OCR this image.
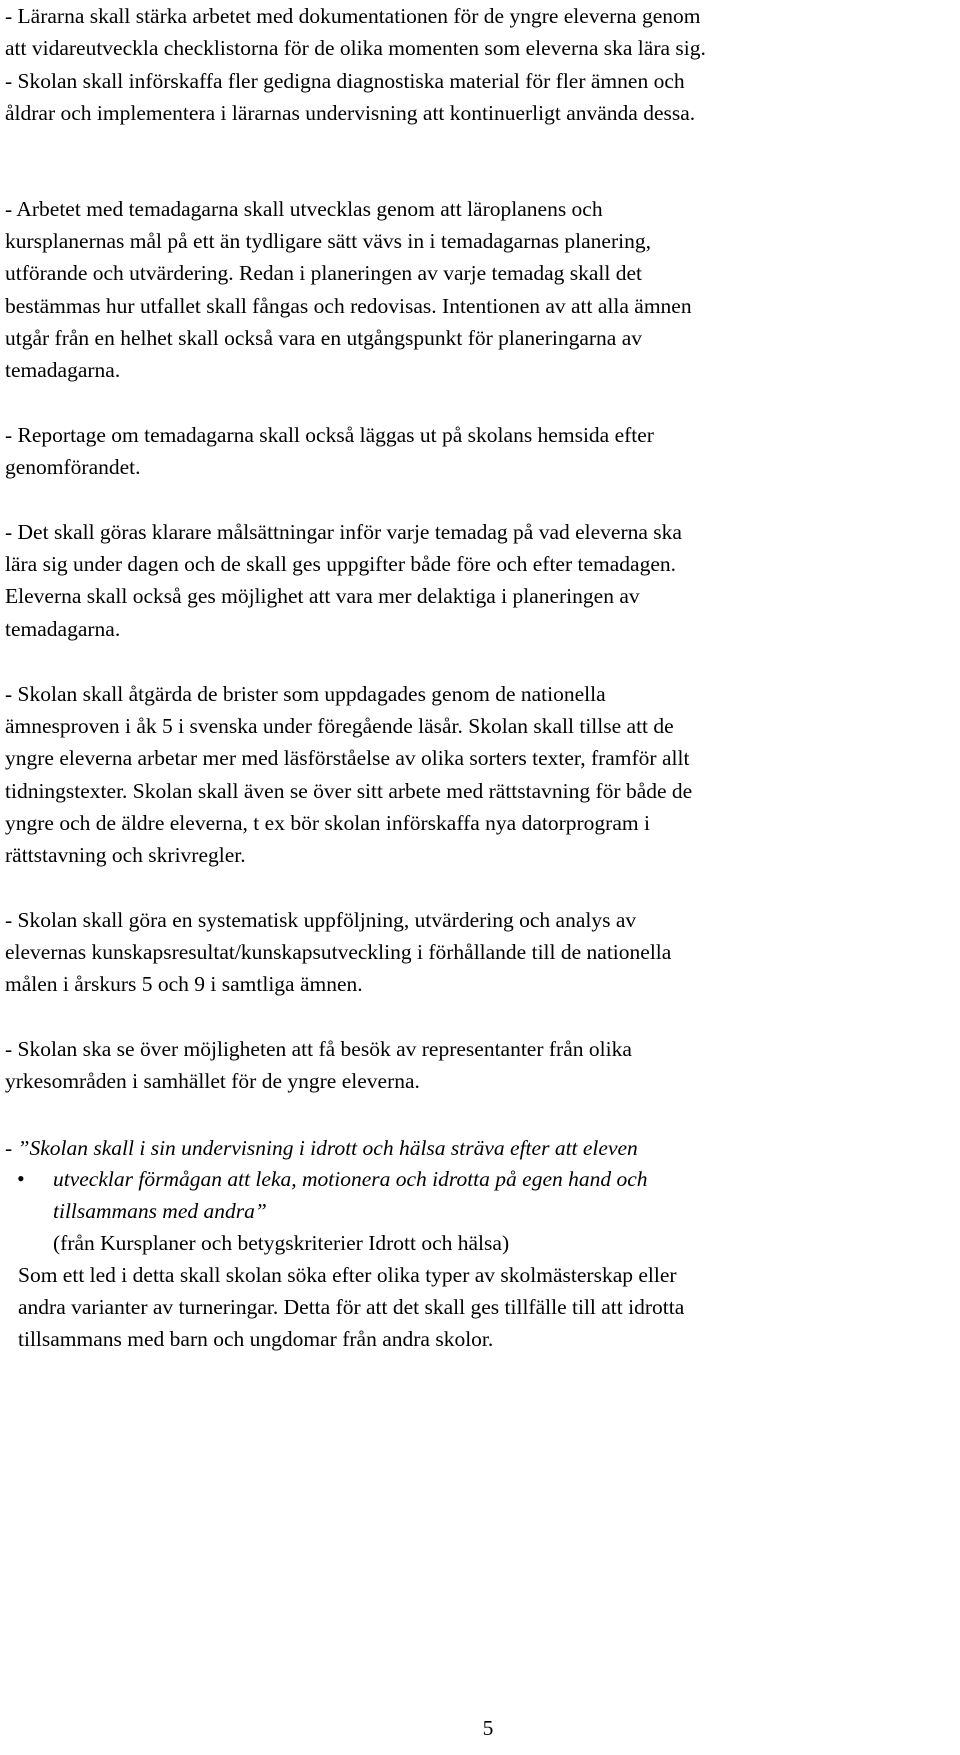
- Lärarna skall stärka arbetet med dokumentationen för de yngre eleverna genom
att vidareutveckla checklistorna för de olika momenten som eleverna ska lära sig.

- Skolan skall införskaffa fler gedigna diagnostiska material för fler ämnen och
åldrar och implementera i lärarnas undervisning att kontinuerligt använda dessa.

- Arbetet med temadagarna skall utvecklas genom att läroplanens och
kursplanernas mål på ett än tydligare sätt vävs in i temadagarnas planering,
utförande och utvärdering. Redan i planeringen av varje temadag skall det
bestämmas hur utfallet skall fångas och redovisas. Intentionen av att alla ämnen
utgår från en helhet skall också vara en utgångspunkt för planeringarna av
temadagarna.

- Reportage om temadagarna skall också läggas ut på skolans hemsida efter
genomförandet.

- Det skall göras klarare målsättningar inför varje temadag på vad eleverna ska
lära sig under dagen och de skall ges uppgifter både före och efter temadagen.
Eleverna skall också ges möjlighet att vara mer delaktiga i planeringen av
temadagarna.

- Skolan skall åtgärda de brister som uppdagades genom de nationella
ämnesproven i åk 5 i svenska under föregående läsår. Skolan skall tillse att de
yngre eleverna arbetar mer med läsförståelse av olika sorters texter, framför allt
tidningstexter. Skolan skall även se över sitt arbete med rättstavning för både de
yngre och de äldre eleverna, t ex bör skolan införskaffa nya datorprogram i
rättstavning och skrivregler.

- Skolan skall göra en systematisk uppföljning, utvärdering och analys av
elevernas kunskapsresultat/kunskapsutveckling i förhållande till de nationella
målen i årskurs 5 och 9 i samtliga ämnen.

- Skolan ska se över möjligheten att få besök av representanter från olika
yrkesområden i samhället för de yngre eleverna.

- ”Skolan skall i sin undervisning i idrott och hälsa sträva efter att eleven

•	utvecklar förmågan att leka, motionera och idrotta på egen hand och
tillsammans med andra”
(från Kursplaner och betygskriterier Idrott och hälsa)

Som ett led i detta skall skolan söka efter olika typer av skolmästerskap eller
andra varianter av turneringar. Detta för att det skall ges tillfälle till att idrotta
tillsammans med barn och ungdomar från andra skolor.

5
